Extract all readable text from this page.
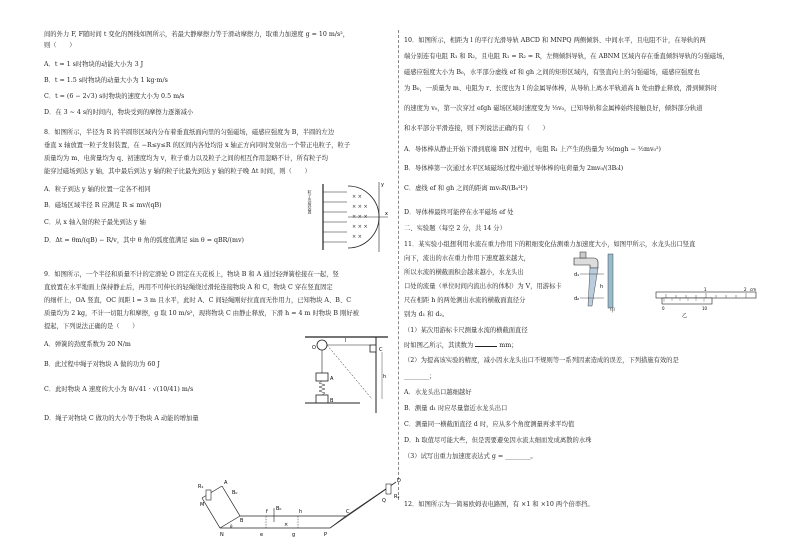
间的外力 F, F随时间 t 变化的图线如图所示，若最大静摩擦力等于滑动摩擦力，取重力加速度 g = 10 m/s²，
则（　　）
A．t = 1 s时物块的动能大小为 3 J
B．t = 1.5 s时物块的动量大小为 1 kg·m/s
C．t = (6 − 2√3) s时物块的速度大小为 0.5 m/s
D．在 3 ~ 4 s的时间内，物块受到的摩擦力逐渐减小
8．如图所示，半径为 R 的半圆形区域内分布着垂直纸面向里的匀强磁场，磁感应强度为 B，半圆的左边
垂直 x 轴放置一粒子发射装置，在 −R≤y≤R 的区间内各处均沿 x 轴正方向同时发射出一个带正电粒子，粒子
质量均为 m、电荷量均为 q、初速度均为 v，粒子重力以及粒子之间的相互作用忽略不计，所有粒子均
能穿过磁场到达 y 轴，其中最后到达 y 轴的粒子比最先到达 y 轴的粒子晚 Δt 时间，则（　　）
A．粒子到达 y 轴的位置一定各不相同
B．磁场区域半径 R 应满足 R ≤ mv/(qB)
C．从 x 轴入射的粒子最先到达 y 轴
D．Δt = θm/(qB) − R/v，其中 θ 角的弧度值满足 sin θ = qBR/(mv)
9．如图所示，一个半径和质量不计的定滑轮 O 固定在天花板上，物块 B 和 A 通过轻弹簧栓接在一起，竖
直放置在水平地面上保持静止后，再用不可伸长的轻绳绕过滑轮连接物块 A 和 C，物块 C 穿在竖直固定
的细杆上，OA 竖直，OC 间距 l = 3 m 且水平，此时 A、C 间轻绳刚好拉直而无作用力，已知物块 A、B、C
质量均为 2 kg，不计一切阻力和摩擦，g 取 10 m/s²，现将物块 C 由静止释放，下滑 h = 4 m 时物块 B 刚好被
提起，下列说法正确的是（　　）
A．弹簧的劲度系数为 20 N/m
B．此过程中绳子对物块 A 做的功为 60 J
C．此时物块 A 速度的大小为 8/√41 · √(10/41) m/s
D．绳子对物块 C 做功的大小等于物块 A 动能的增加量
× ×
× × ×
× × ×
× × ×
× ×
x
y
粒子发射装置
O
l
A
B
C
h
R₁
R₂
A
B₀
B
M
N
θ
B₀
f	h
e	g
×
P
C
D
Q
10．如图所示，相距为 l 的平行光滑导轨 ABCD 和 MNPQ 两侧倾斜、中间水平，且电阻不计，在导轨的两
端分别连有电阻 R₁ 和 R₂，且电阻 R₁ = R₂ = R，左侧倾斜导轨，在 ABNM 区域内存在垂直倾斜导轨的匀强磁场，
磁感应强度大小为 B₀，水平部分虚线 ef 和 gh 之间的矩形区域内，有竖直向上的匀强磁场，磁感应强度也
为 B₀，一质量为 m、电阻为 r、长度也为 l 的金属导体棒，从导轨上离水平轨道高 h 处由静止释放，滑到倾斜时
的速度为 v₀，第一次穿过 efgh 磁场区域时速度变为 ⅓v₀，已知导轨和金属棒始终接触良好，倾斜部分轨道
和水平部分平滑连接，则下列说法正确的有（　　）
A．导体棒从静止开始下滑到底端 BN 过程中，电阻 R₁ 上产生的热量为 ⅓(mgh − ½mv₀²)
B．导体棒第一次通过水平区域磁场过程中通过导体棒的电荷量为 2mv₀/(3B₀l)
C．虚线 ef 和 gh 之间的距离 mv₀R/(B₀²l²)
D．导体棒最终可能停在水平磁场 ef 处
二、实验题（每空 2 分，共 14 分）
11．某实验小组想利用水流在重力作用下的粗细变化估测重力加速度大小，如图甲所示，水龙头出口竖直
向下，流出的水在重力作用下速度越来越大，
所以水流的横截面积会越来越小，水龙头出
口处的流量（单位时间内流出水的体积）为 V，用游标卡
尺在相距 h 的两处测出水流的横截面直径分
别为 d₁ 和 d₂。
（1）某次用游标卡尺测量水流的横截面直径
时如图乙所示，其读数为	mm；
（2）为提高该实验的精度，减小因水龙头出口不规则等一系列因素造成的误差，下列措施有效的是
________；
A．水龙头出口越细越好
B．测量 d₁ 时应尽量靠近水龙头出口
C．测量同一横截面直径 d 时，应从多个角度测量再求平均值
D．h 取值尽可能大些，但是需要避免因水流太细而发成离散的水珠
（3）试写出重力加速度表达式 g = ________。
12．如图所示为一简易欧姆表电路图，有 ×1 和 ×10 两个倍率挡。
d₁
d₂
h
甲
1	2 cm
0	10
乙
